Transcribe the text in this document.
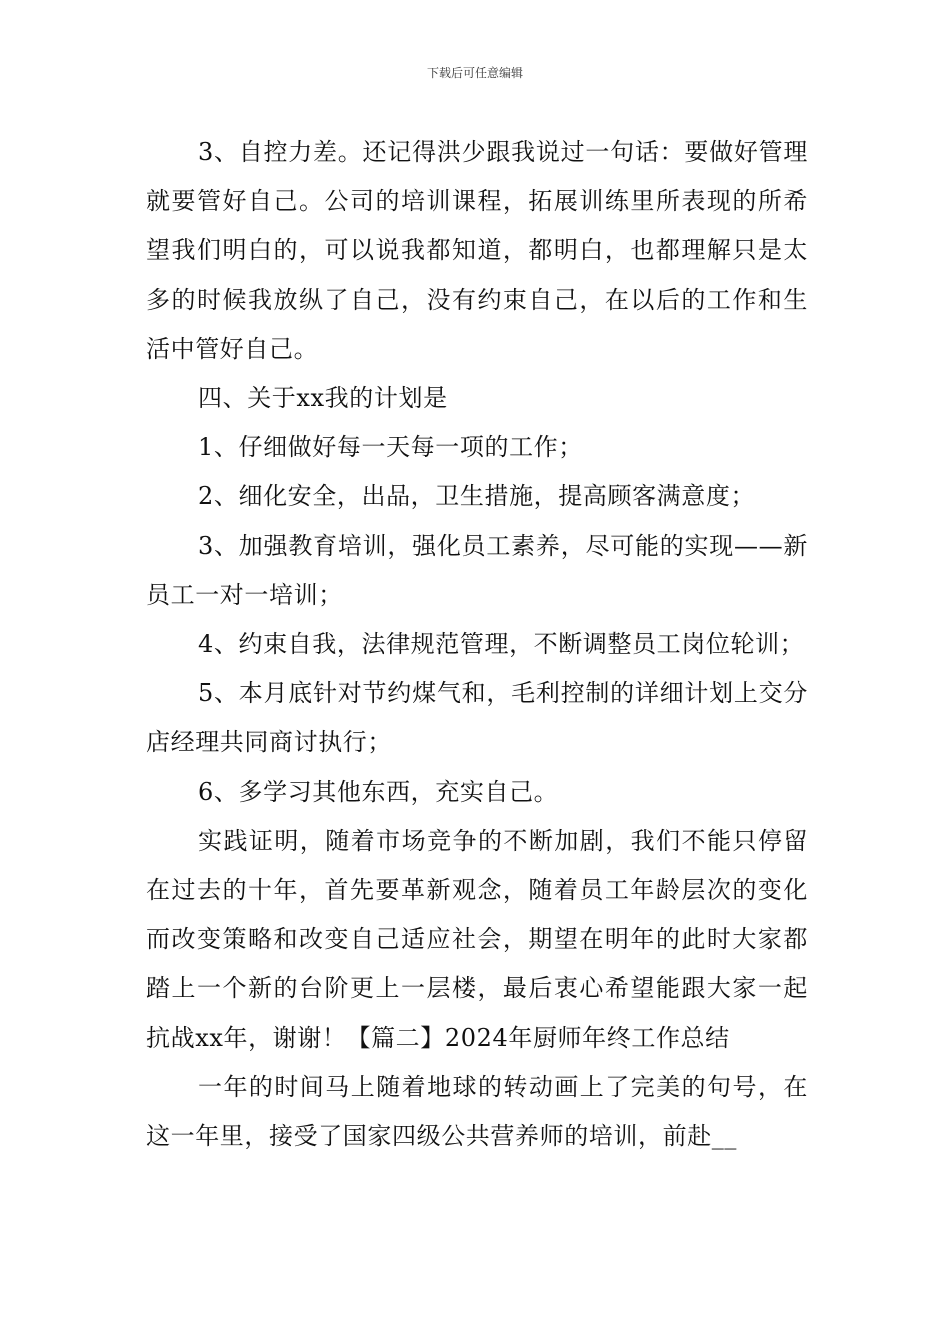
下载后可任意编辑

3、自控力差。还记得洪少跟我说过一句话：要做好管理就要管好自己。公司的培训课程，拓展训练里所表现的所希望我们明白的，可以说我都知道，都明白，也都理解只是太多的时候我放纵了自己，没有约束自己，在以后的工作和生活中管好自己。

四、关于xx我的计划是

1、仔细做好每一天每一项的工作；

2、细化安全，出品，卫生措施，提高顾客满意度；

3、加强教育培训，强化员工素养，尽可能的实现——新员工一对一培训；

4、约束自我，法律规范管理，不断调整员工岗位轮训；

5、本月底针对节约煤气和，毛利控制的详细计划上交分店经理共同商讨执行；

6、多学习其他东西，充实自己。

实践证明，随着市场竞争的不断加剧，我们不能只停留在过去的十年，首先要革新观念，随着员工年龄层次的变化而改变策略和改变自己适应社会，期望在明年的此时大家都踏上一个新的台阶更上一层楼，最后衷心希望能跟大家一起抗战xx年，谢谢！【篇二】2024年厨师年终工作总结

一年的时间马上随着地球的转动画上了完美的句号，在这一年里，接受了国家四级公共营养师的培训，前赴__
